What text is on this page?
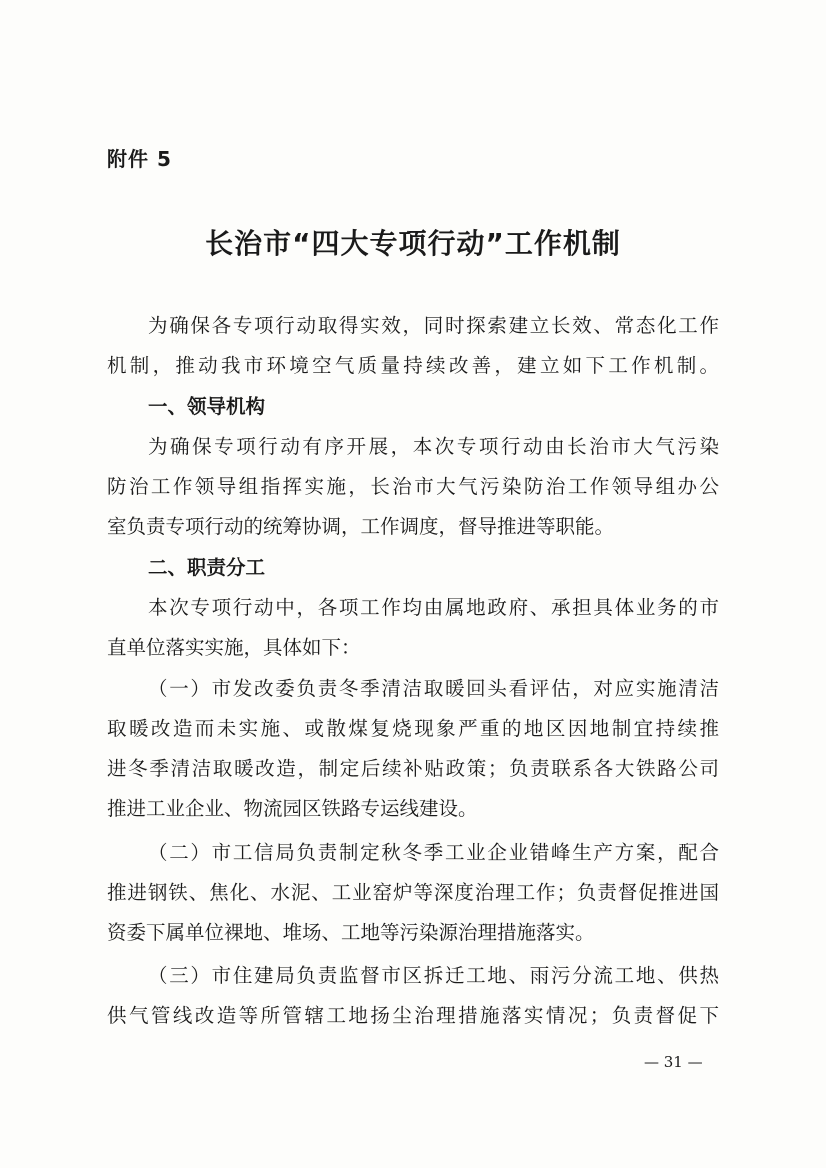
附件 5
长治市“四大专项行动”工作机制
为确保各专项行动取得实效，同时探索建立长效、常态化工作
机制，推动我市环境空气质量持续改善，建立如下工作机制。
一、领导机构
为确保专项行动有序开展，本次专项行动由长治市大气污染
防治工作领导组指挥实施，长治市大气污染防治工作领导组办公
室负责专项行动的统筹协调，工作调度，督导推进等职能。
二、职责分工
本次专项行动中，各项工作均由属地政府、承担具体业务的市
直单位落实实施，具体如下：
（一）市发改委负责冬季清洁取暖回头看评估，对应实施清洁
取暖改造而未实施、或散煤复烧现象严重的地区因地制宜持续推
进冬季清洁取暖改造，制定后续补贴政策；负责联系各大铁路公司
推进工业企业、物流园区铁路专运线建设。
（二）市工信局负责制定秋冬季工业企业错峰生产方案，配合
推进钢铁、焦化、水泥、工业窑炉等深度治理工作；负责督促推进国
资委下属单位裸地、堆场、工地等污染源治理措施落实。
（三）市住建局负责监督市区拆迁工地、雨污分流工地、供热
供气管线改造等所管辖工地扬尘治理措施落实情况；负责督促下
— 31 —
